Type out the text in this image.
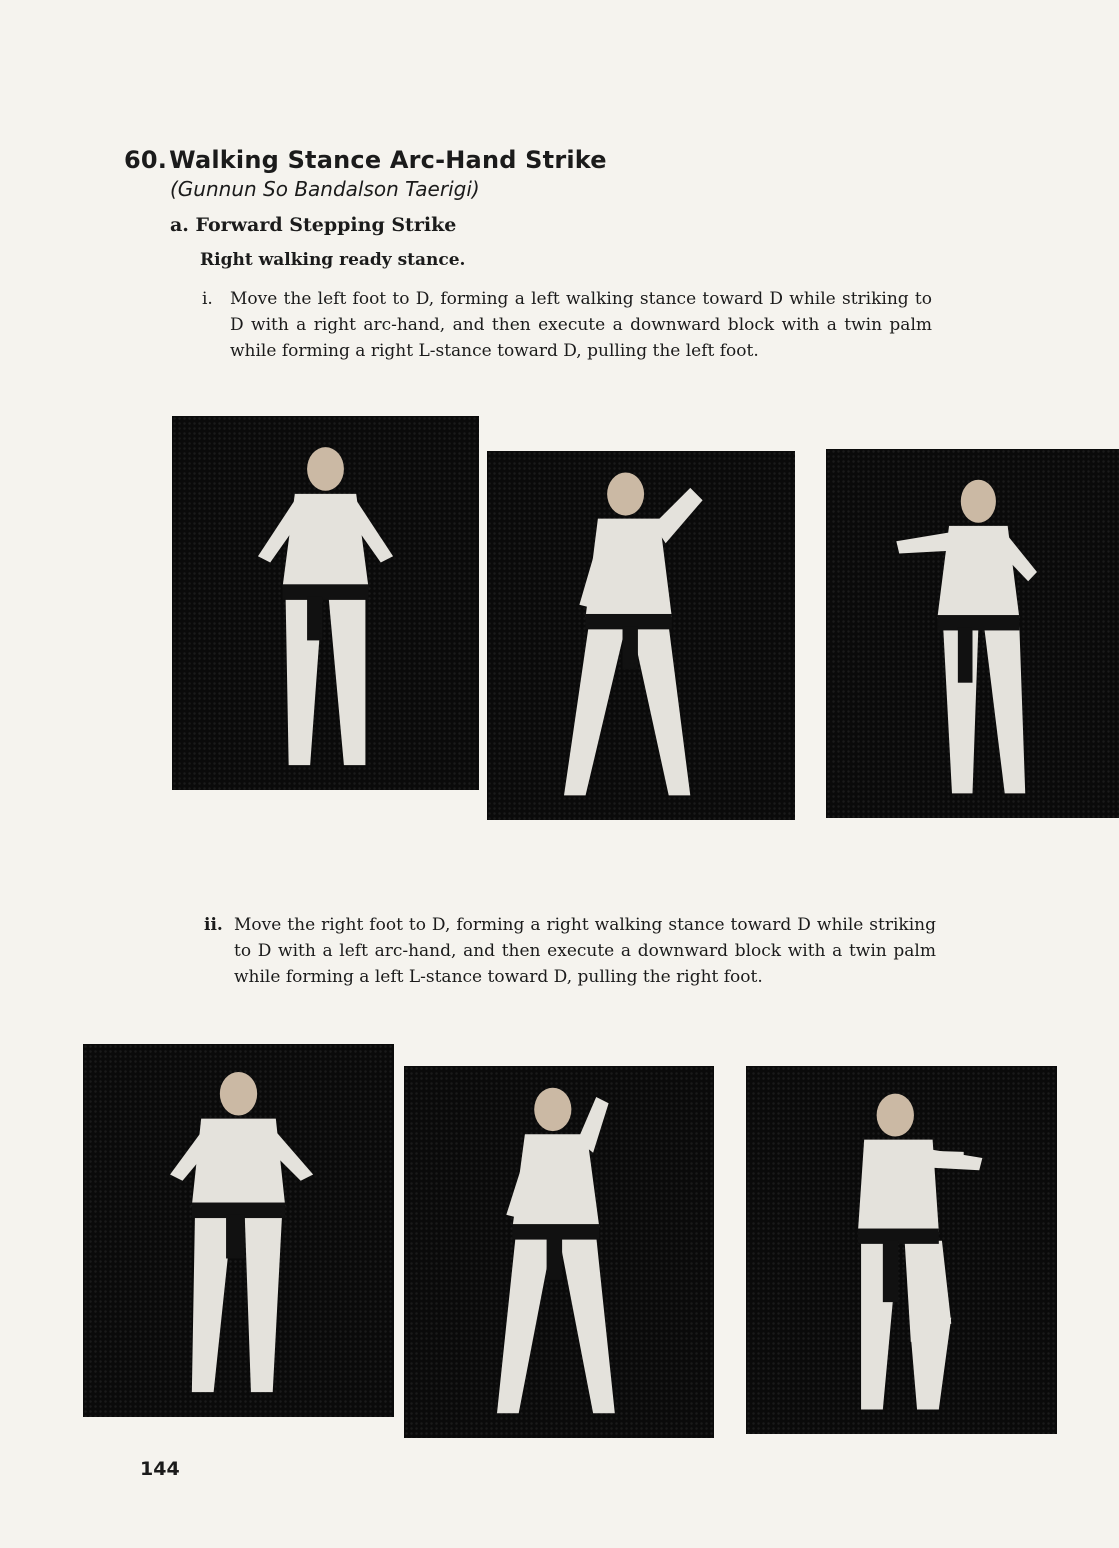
60.Walking Stance Arc-Hand Strike
(Gunnun So Bandalson Taerigi)
a. Forward Stepping Strike
Right walking ready stance.
i. Move the left foot to D, forming a left walking stance toward D while striking to D with a right arc-hand, and then execute a downward block with a twin palm while forming a right L-stance toward D, pulling the left foot.
ii. Move the right foot to D, forming a right walking stance toward D while striking to D with a left arc-hand, and then execute a downward block with a twin palm while forming a left L-stance toward D, pulling the right foot.
144
